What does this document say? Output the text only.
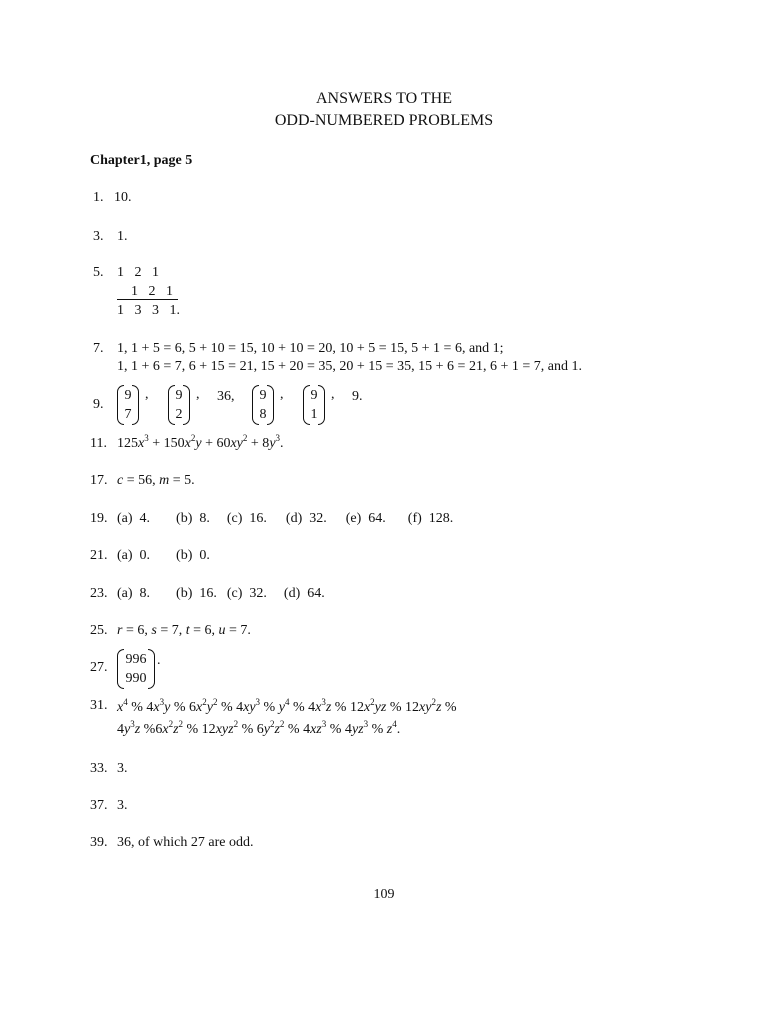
ANSWERS TO THE
ODD-NUMBERED PROBLEMS
Chapter1, page 5
1. 10.
3. 1.
5. 1   2   1
1   2   1
1   3   3   1.
7. 1, 1 + 5 = 6, 5 + 10 = 15, 10 + 10 = 20, 10 + 5 = 15, 5 + 1 = 6, and 1;
1, 1 + 6 = 7, 6 + 15 = 21, 15 + 20 = 35, 20 + 15 = 35, 15 + 6 = 21, 6 + 1 = 7, and 1.
9.
9
7
,	9
2
, 36,	9
8
,	9
1
, 9.
11. $125x^3 + 150x^2y + 60xy^2 + 8y^3$.
17. c = 56, m = 5.
19. (a)  4. (b)  8. (c)  16. (d)  32. (e)  64. (f)  128.
21. (a)  0. (b)  0.
23. (a)  8. (b)  16. (c)  32. (d)  64.
25. r = 6, s = 7, t = 6, u = 7.
27.
996
990
.
31. $x^4$ % $4x^3y$ % $6x^2y^2$ % $4xy^3$ % $y^4$ % $4x^3z$ % $12x^2yz$ % $12xy^2z$ %
$4y^3z$ $\%6x^2z^2$ % 12xyz$^2$ % $6y^2z^2$ % $4xz^3$ % $4yz^3$ % $z^4$.
33. 3.
37. 3.
39. 36, of which 27 are odd.
109
